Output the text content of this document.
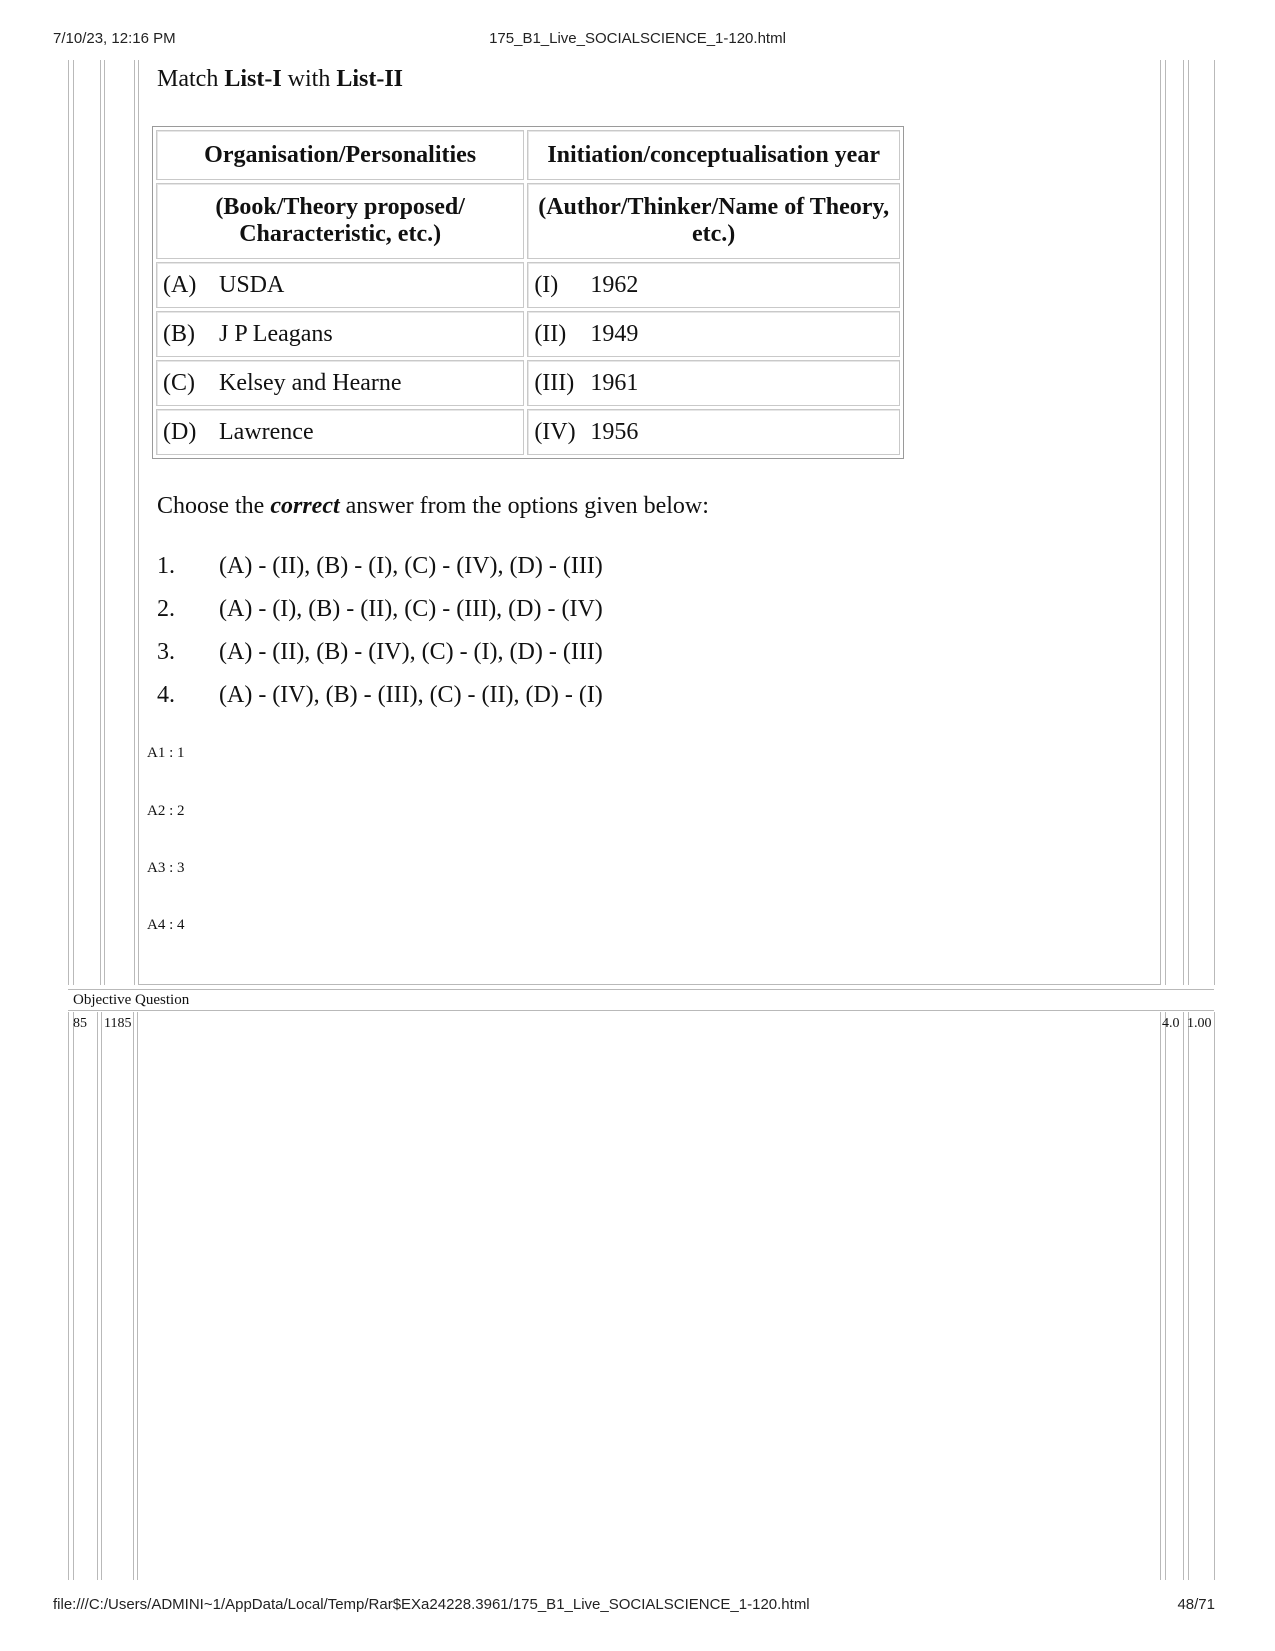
7/10/23, 12:16 PM	175_B1_Live_SOCIALSCIENCE_1-120.html
Match List-I with List-II
Organisation/Personalities	Initiation/conceptualisation year
(Book/Theory proposed/ Characteristic, etc.)	(Author/Thinker/Name of Theory, etc.)
(A) USDA	(I) 1962
(B) J P Leagans	(II) 1949
(C) Kelsey and Hearne	(III) 1961
(D) Lawrence	(IV) 1956
Choose the correct answer from the options given below:
1. (A) - (II), (B) - (I), (C) - (IV), (D) - (III)
2. (A) - (I), (B) - (II), (C) - (III), (D) - (IV)
3. (A) - (II), (B) - (IV), (C) - (I), (D) - (III)
4. (A) - (IV), (B) - (III), (C) - (II), (D) - (I)
A1 : 1
A2 : 2
A3 : 3
A4 : 4
Objective Question
85 1185	4.0 1.00
file:///C:/Users/ADMINI~1/AppData/Local/Temp/Rar$EXa24228.3961/175_B1_Live_SOCIALSCIENCE_1-120.html	48/71
